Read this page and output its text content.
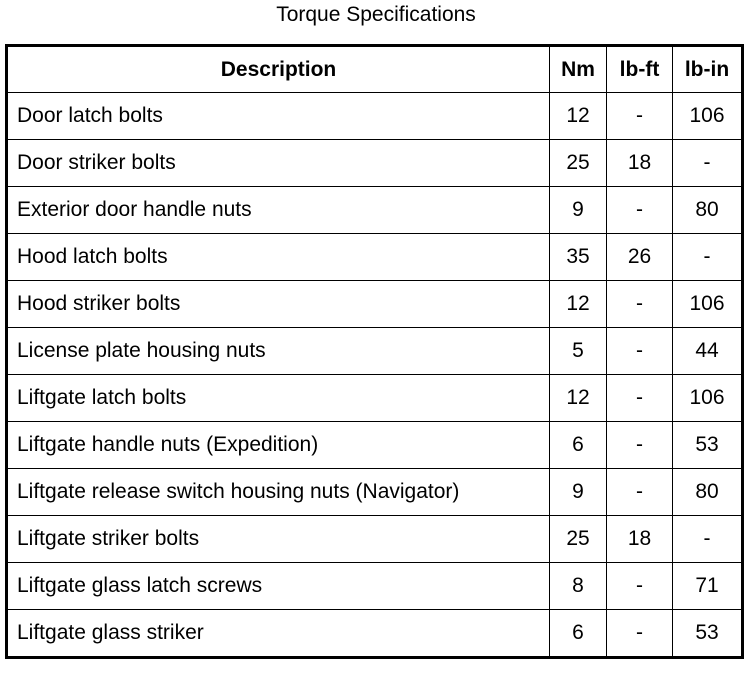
Torque Specifications
Description	Nm	lb-ft	lb-in
Door latch bolts	12	-	106
Door striker bolts	25	18	-
Exterior door handle nuts	9	-	80
Hood latch bolts	35	26	-
Hood striker bolts	12	-	106
License plate housing nuts	5	-	44
Liftgate latch bolts	12	-	106
Liftgate handle nuts (Expedition)	6	-	53
Liftgate release switch housing nuts (Navigator)	9	-	80
Liftgate striker bolts	25	18	-
Liftgate glass latch screws	8	-	71
Liftgate glass striker	6	-	53
